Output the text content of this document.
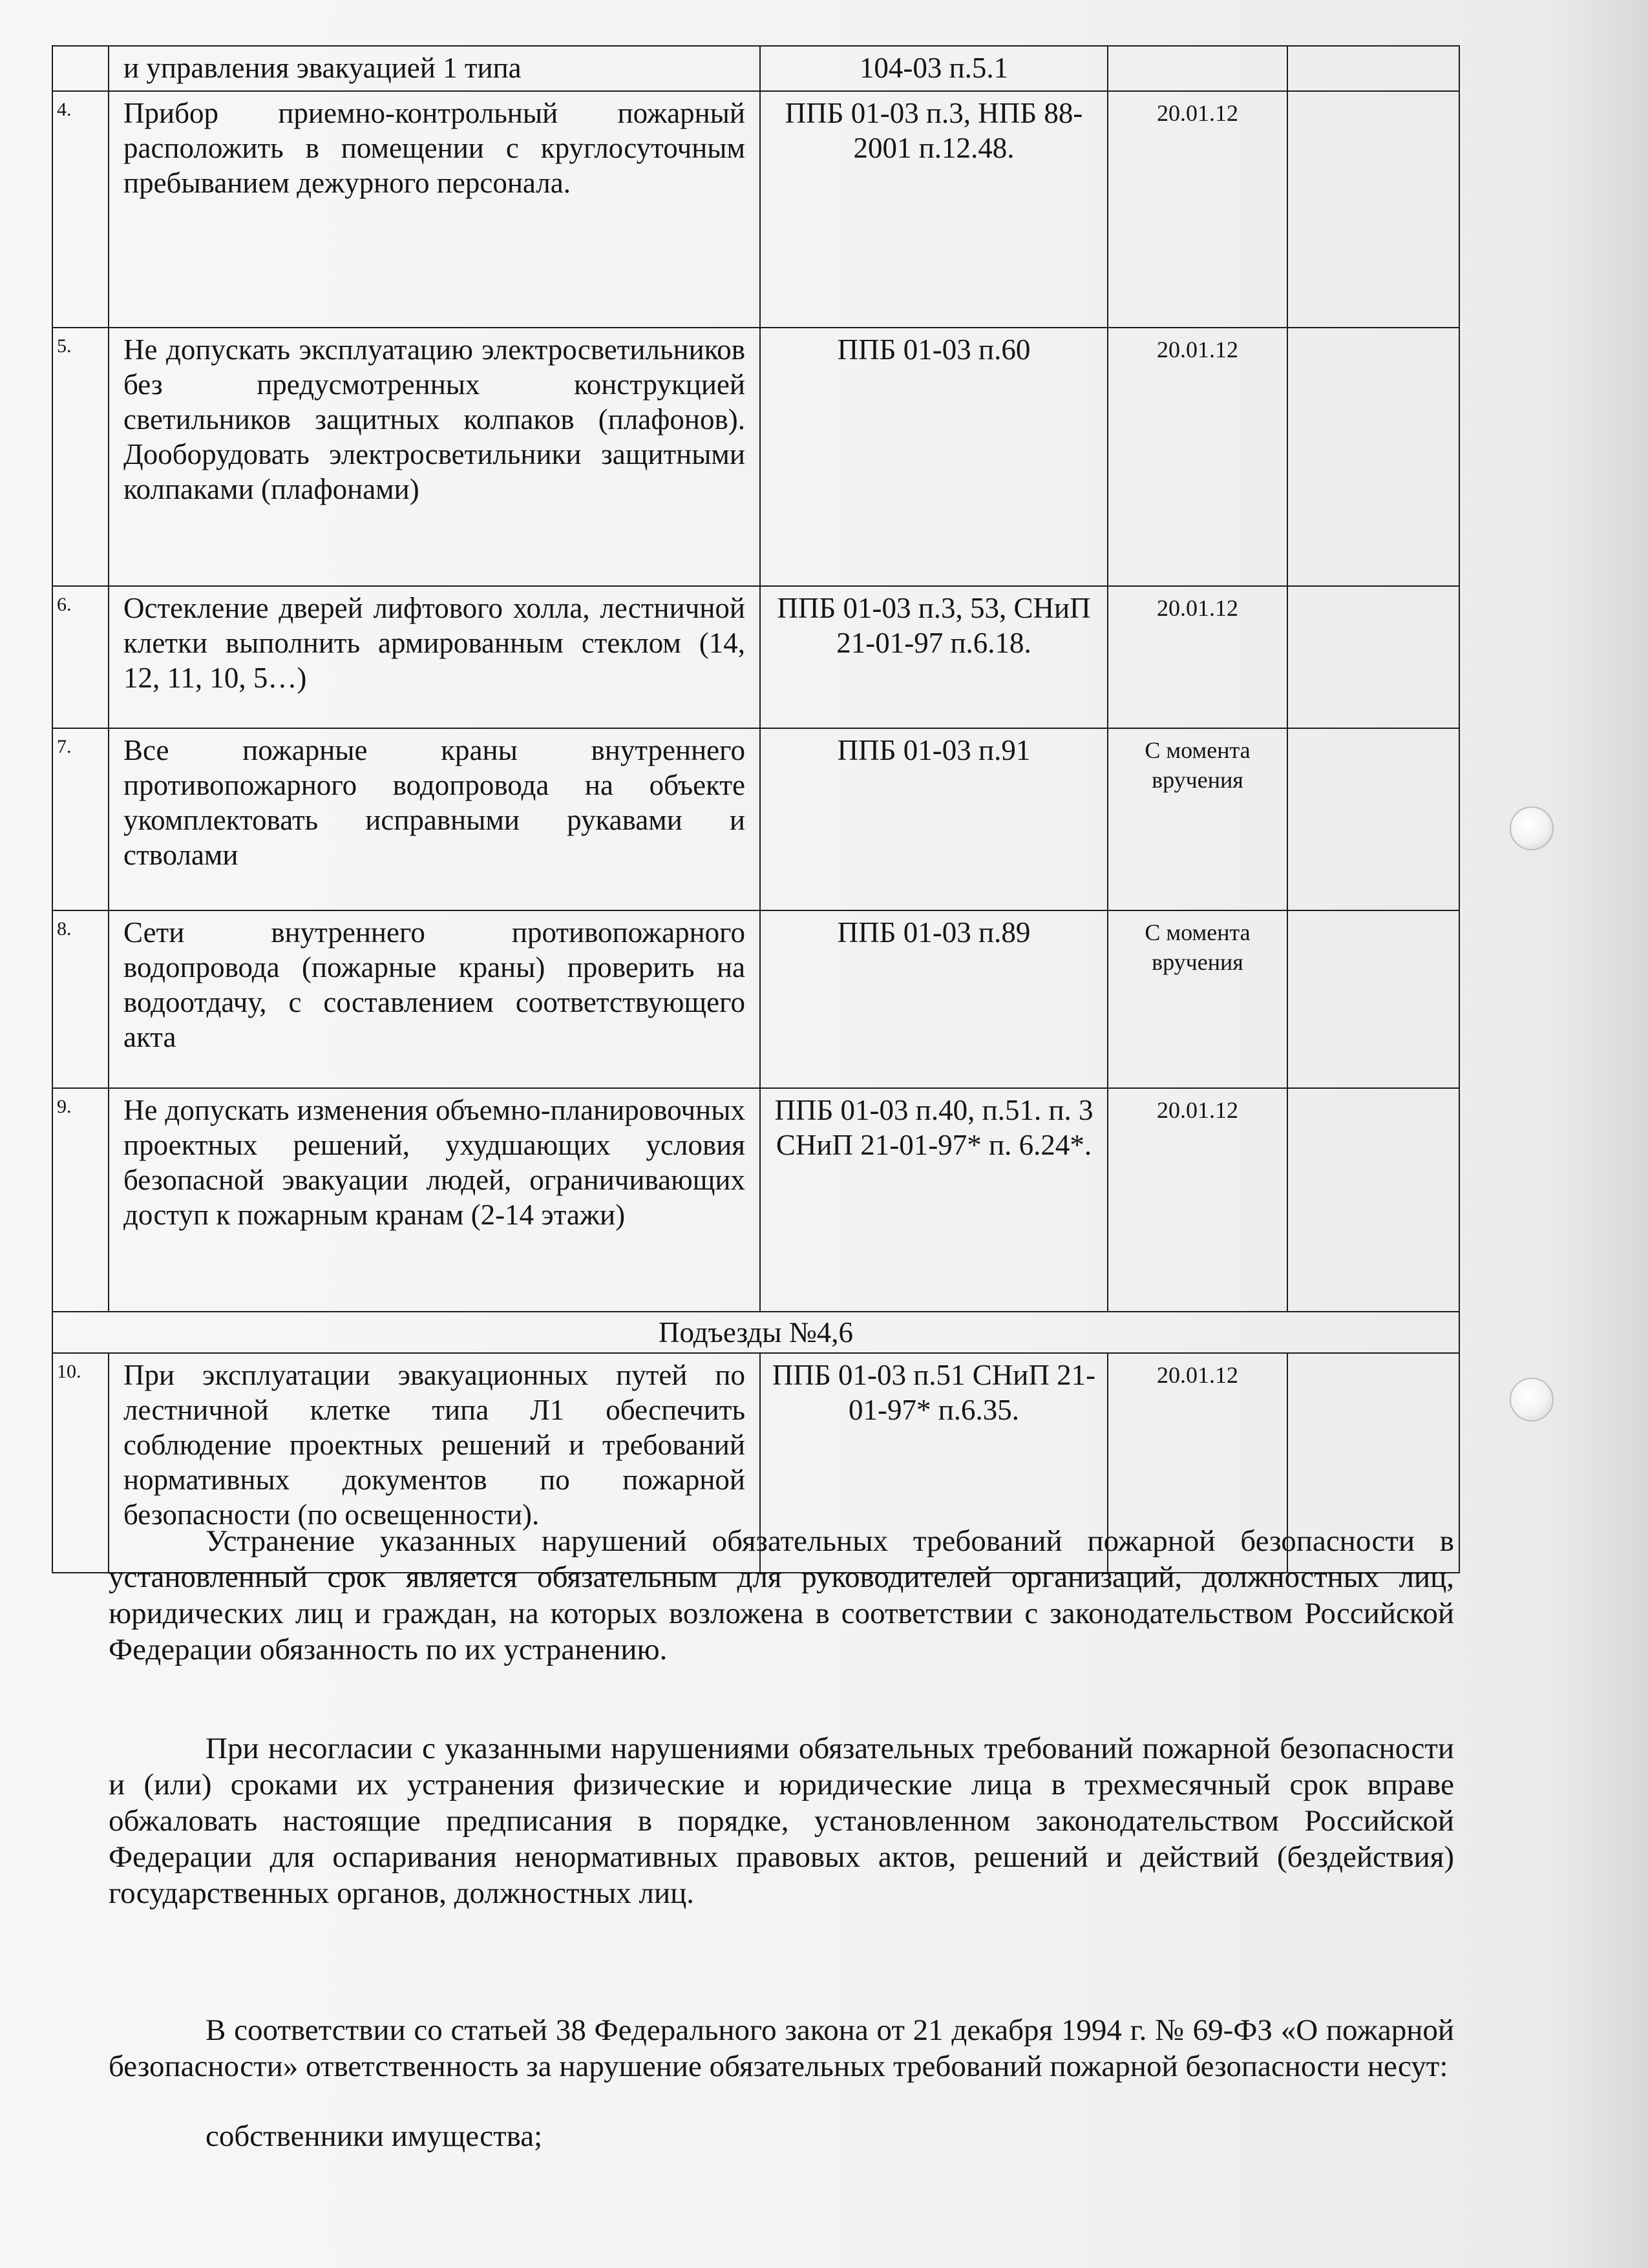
	и управления эвакуацией 1 типа	104-03 п.5.1		
4.	Прибор приемно-контрольный пожарный расположить в помещении с круглосуточным пребыванием дежурного персонала.	ППБ 01-03 п.3, НПБ 88-2001 п.12.48.	20.01.12	
5.	Не допускать эксплуатацию электросветильников без предусмотренных конструкцией светильников защитных колпаков (плафонов). Дооборудовать электросветильники защитными колпаками (плафонами)	ППБ 01-03 п.60	20.01.12	
6.	Остекление дверей лифтового холла, лестничной клетки выполнить армированным стеклом (14, 12, 11, 10, 5…)	ППБ 01-03 п.3, 53, СНиП 21-01-97 п.6.18.	20.01.12	
7.	Все пожарные краны внутреннего противопожарного водопровода на объекте укомплектовать исправными рукавами и стволами	ППБ 01-03 п.91	С момента вручения	
8.	Сети внутреннего противопожарного водопровода (пожарные краны) проверить на водоотдачу, с составлением соответствующего акта	ППБ 01-03 п.89	С момента вручения	
9.	Не допускать изменения объемно-планировочных проектных решений, ухудшающих условия безопасной эвакуации людей, ограничивающих доступ к пожарным кранам (2-14 этажи)	ППБ 01-03 п.40, п.51. п. 3 СНиП 21-01-97* п. 6.24*.	20.01.12	
Подъезды №4,6				
10.	При эксплуатации эвакуационных путей по лестничной клетке типа Л1 обеспечить соблюдение проектных решений и требований нормативных документов по пожарной безопасности (по освещенности).	ППБ 01-03 п.51 СНиП 21-01-97* п.6.35.	20.01.12	

Устранение указанных нарушений обязательных требований пожарной безопасности в установленный срок является обязательным для руководителей организаций, должностных лиц, юридических лиц и граждан, на которых возложена в соответствии с законодательством Российской Федерации обязанность по их устранению.

При несогласии с указанными нарушениями обязательных требований пожарной безопасности и (или) сроками их устранения физические и юридические лица в трехмесячный срок вправе обжаловать настоящие предписания в порядке, установленном законодательством Российской Федерации для оспаривания ненормативных правовых актов, решений и действий (бездействия) государственных органов, должностных лиц.

В соответствии со статьей 38 Федерального закона от 21 декабря 1994 г. № 69-ФЗ «О пожарной безопасности» ответственность за нарушение обязательных требований пожарной безопасности несут:

собственники имущества;
